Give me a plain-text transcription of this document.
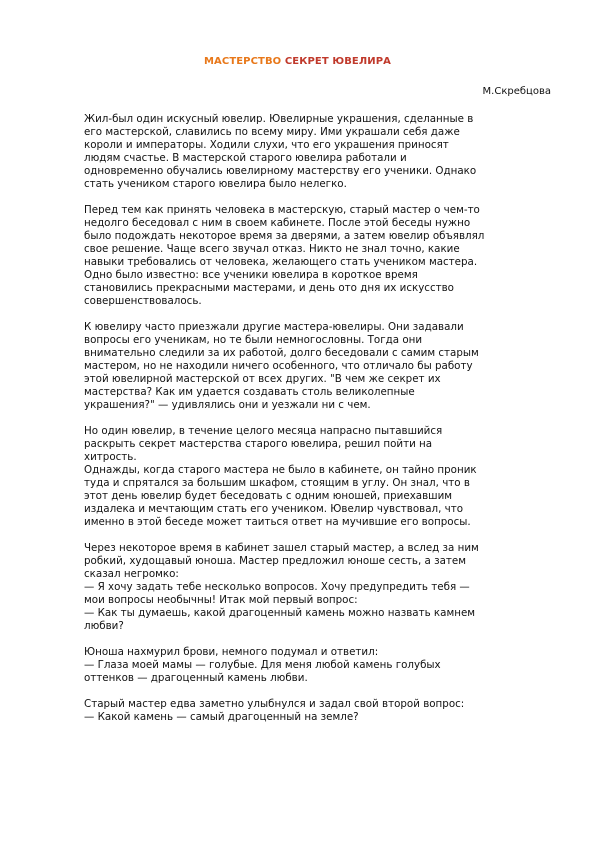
МАСТЕРСТВО СЕКРЕТ ЮВЕЛИРА
М.Скребцова
Жил-был один искусный ювелир. Ювелирные украшения, сделанные в
его мастерской, славились по всему миру. Ими украшали себя даже
короли и императоры. Ходили слухи, что его украшения приносят
людям счастье. В мастерской старого ювелира работали и
одновременно обучались ювелирному мастерству его ученики. Однако
стать учеником старого ювелира было нелегко.
Перед тем как принять человека в мастерскую, старый мастер о чем-то
недолго беседовал с ним в своем кабинете. После этой беседы нужно
было подождать некоторое время за дверями, а затем ювелир объявлял
свое решение. Чаще всего звучал отказ. Никто не знал точно, какие
навыки требовались от человека, желающего стать учеником мастера.
Одно было известно: все ученики ювелира в короткое время
становились прекрасными мастерами, и день ото дня их искусство
совершенствовалось.
К ювелиру часто приезжали другие мастера-ювелиры. Они задавали
вопросы его ученикам, но те были немногословны. Тогда они
внимательно следили за их работой, долго беседовали с самим старым
мастером, но не находили ничего особенного, что отличало бы работу
этой ювелирной мастерской от всех других. "В чем же секрет их
мастерства? Как им удается создавать столь великолепные
украшения?" — удивлялись они и уезжали ни с чем.
Но один ювелир, в течение целого месяца напрасно пытавшийся
раскрыть секрет мастерства старого ювелира, решил пойти на
хитрость.
Однажды, когда старого мастера не было в кабинете, он тайно проник
туда и спрятался за большим шкафом, стоящим в углу. Он знал, что в
этот день ювелир будет беседовать с одним юношей, приехавшим
издалека и мечтающим стать его учеником. Ювелир чувствовал, что
именно в этой беседе может таиться ответ на мучившие его вопросы.
Через некоторое время в кабинет зашел старый мастер, а вслед за ним
робкий, худощавый юноша. Мастер предложил юноше сесть, а затем
сказал негромко:
— Я хочу задать тебе несколько вопросов. Хочу предупредить тебя —
мои вопросы необычны! Итак мой первый вопрос:
— Как ты думаешь, какой драгоценный камень можно назвать камнем
любви?
Юноша нахмурил брови, немного подумал и ответил:
— Глаза моей мамы — голубые. Для меня любой камень голубых
оттенков — драгоценный камень любви.
Старый мастер едва заметно улыбнулся и задал свой второй вопрос:
— Какой камень — самый драгоценный на земле?
